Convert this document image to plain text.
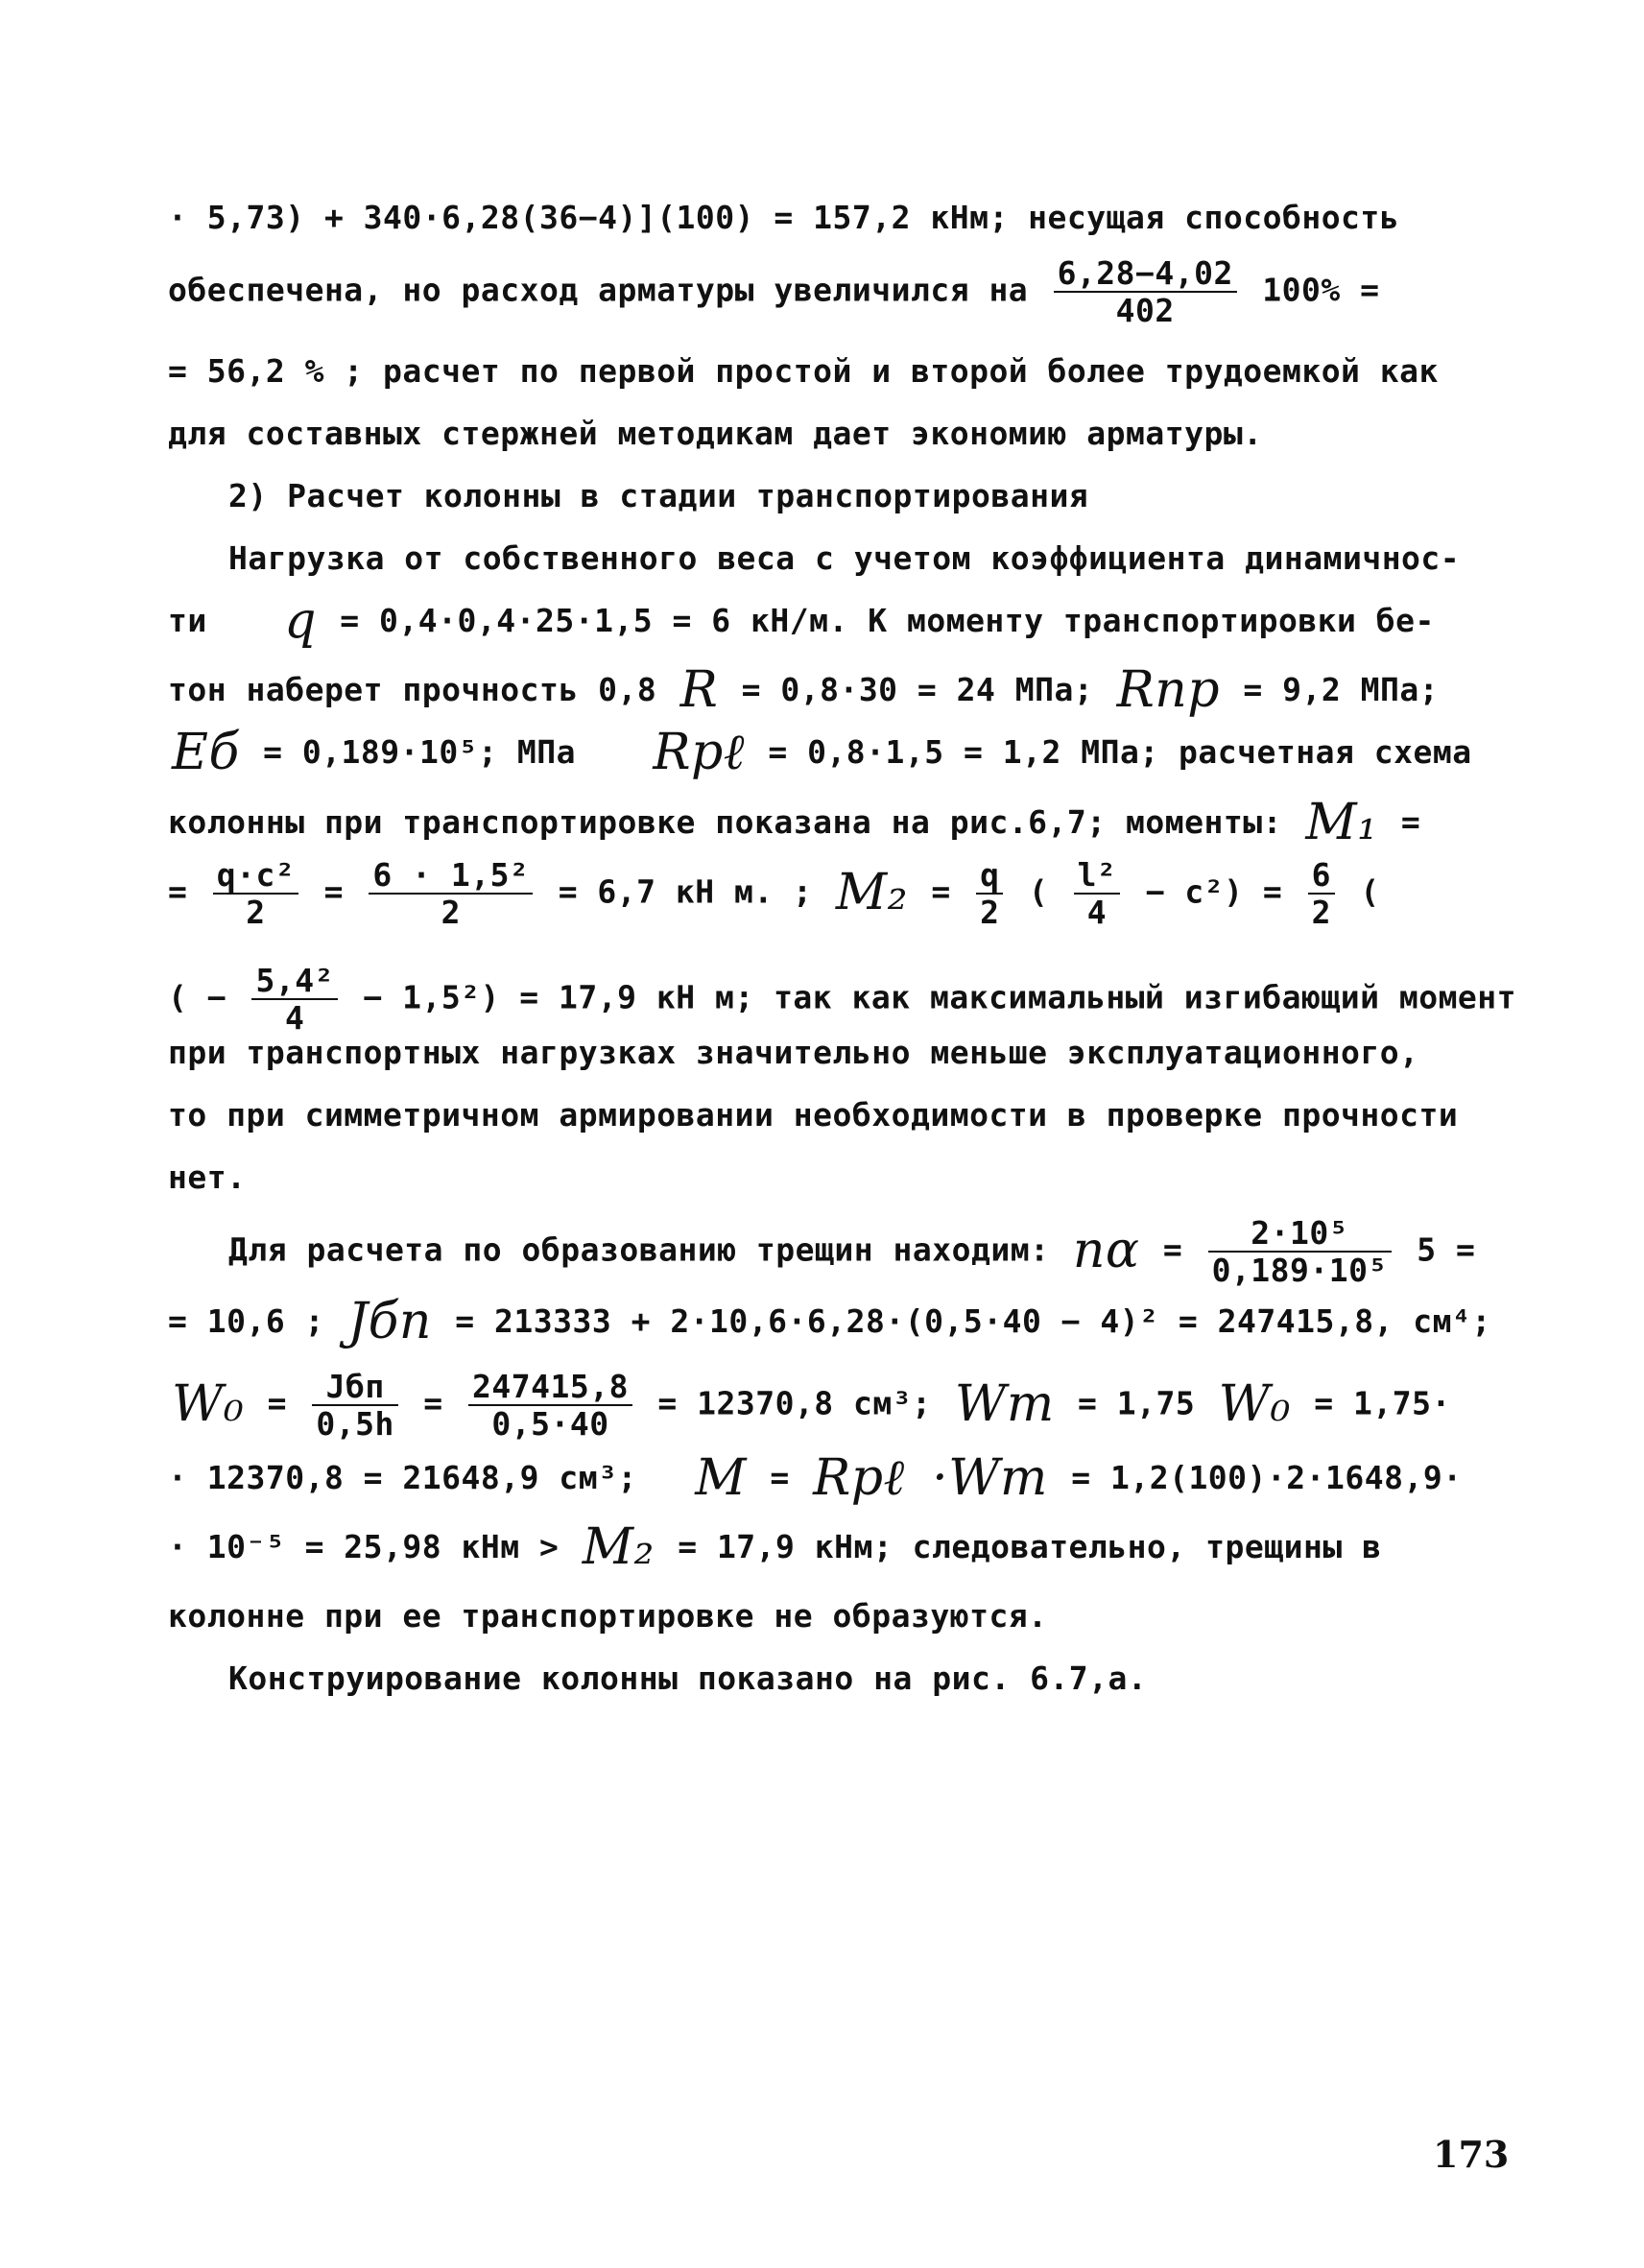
· 5,73) + 340·6,28(36−4)](100) = 157,2 кНм; несущая способность
обеспечена, но расход арматуры увеличился на $\frac{6,28-4,02}{402} 100\%$ =
= 56,2 % ; расчет по первой простой и второй более трудоемкой как
для составных стержней методикам дает экономию арматуры.
2) Расчет колонны в стадии транспортирования
Нагрузка от собственного веса с учетом коэффициента динамичнос-
ти q = 0,4·0,4·25·1,5 = 6 кН/м. К моменту транспортировки бе-
тон наберет прочность 0,8 R = 0,8·30 = 24 МПа; Rпр = 9,2 МПа;
Eб = 0,189·10⁵; МПа Rpℓ = 0,8·1,5 = 1,2 МПа; расчетная схема
колонны при транспортировке показана на рис.6,7; моменты: M₁ =
= $\frac{\text{q·c²}}{2} = \frac{\text{6 · 1,5²}}{2} = 6,7$ кН м. ; $M_2 = \frac{q}{2}$ ( $\frac{\text{l²}}{4} - c^2) = \frac{6}{2}$ (
( − $\frac{\text{5,4²}}{4} - 1,5^2) = 17,9$ кН м; так как максимальный изгибающий момент
при транспортных нагрузках значительно меньше эксплуатационного,
то при симметричном армировании необходимости в проверке прочности
нет.
Для расчета по образованию трещин находим: $n\alpha = \frac{\text{2·10⁵}}{\text{0,189·10⁵}} 5$ =
= 10,6 ; Jбп = 213333 + 2·10,6·6,28·(0,5·40 − 4)² = 247415,8, см⁴;
$W_0 = \frac{\text{Jбп}}{0,5h} = \frac{247415,8}{0,5\cdot 40} = 12370,8$ см³; Wт = 1,75 W₀ = 1,75·
· 12370,8 = 21648,9 см³; M = Rpℓ ·Wт = 1,2(100)·2·1648,9·
· 10⁻⁵ = 25,98 кНм > M₂ = 17,9 кНм; следовательно, трещины в
колонне при ее транспортировке не образуются.
Конструирование колонны показано на рис. 6.7,а.
173
